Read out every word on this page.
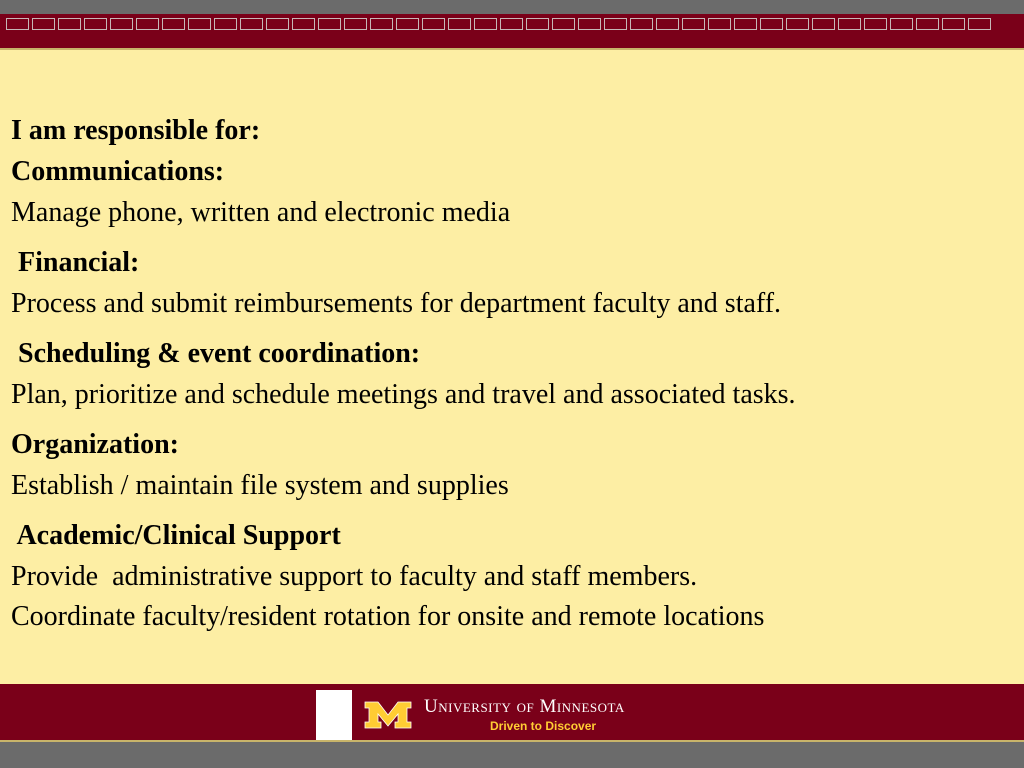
I am responsible for:
Communications:
Manage phone, written and electronic media
Financial:
Process and submit reimbursements for department faculty and staff.
Scheduling & event coordination:
Plan, prioritize and schedule meetings and travel and associated tasks.
Organization:
Establish / maintain file system and supplies
Academic/Clinical Support
Provide  administrative support to faculty and staff members.
Coordinate faculty/resident rotation for onsite and remote locations
University of Minnesota
Driven to Discover
